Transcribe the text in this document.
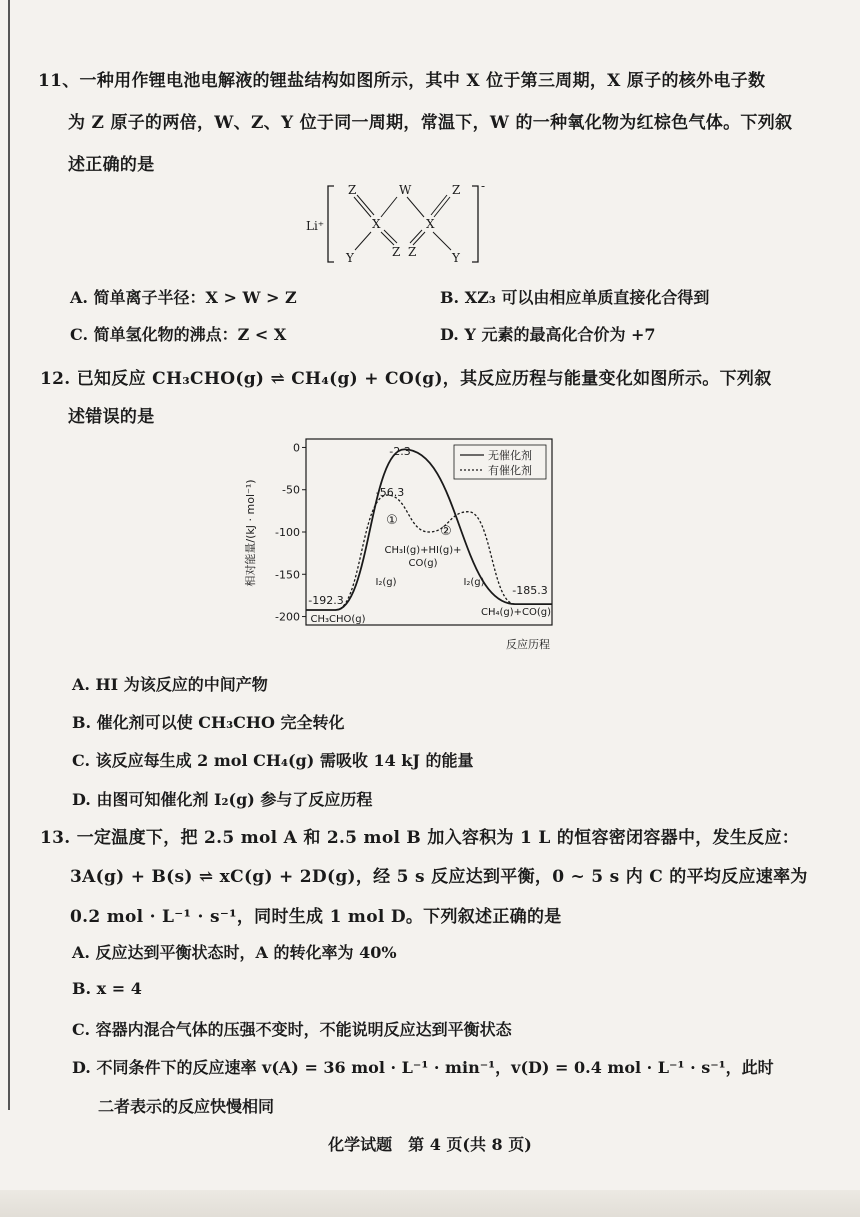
11、一种用作锂电池电解液的锂盐结构如图所示，其中 X 位于第三周期，X 原子的核外电子数
为 Z 原子的两倍，W、Z、Y 位于同一周期，常温下，W 的一种氧化物为红棕色气体。下列叙
述正确的是
Li⁺
-
Z	W	Z
X	X
Y	Z Z	Y
A. 简单离子半径：X > W > Z	B. XZ₃ 可以由相应单质直接化合得到
C. 简单氢化物的沸点：Z < X	D. Y 元素的最高化合价为 +7
12. 已知反应 CH₃CHO(g) ⇌ CH₄(g) + CO(g)，其反应历程与能量变化如图所示。下列叙
述错误的是
相对能量/(kJ · mol⁻¹)
0
-50
-100
-150
-200
无催化剂
有催化剂
-2.3
-56.3
-192.3
-185.3
①
②
CH₃I(g)+HI(g)+
CO(g)
I₂(g)	I₂(g)
CH₃CHO(g)
CH₄(g)+CO(g)
反应历程
A. HI 为该反应的中间产物
B. 催化剂可以使 CH₃CHO 完全转化
C. 该反应每生成 2 mol CH₄(g) 需吸收 14 kJ 的能量
D. 由图可知催化剂 I₂(g) 参与了反应历程
13. 一定温度下，把 2.5 mol A 和 2.5 mol B 加入容积为 1 L 的恒容密闭容器中，发生反应：
3A(g) + B(s) ⇌ xC(g) + 2D(g)，经 5 s 反应达到平衡，0 ~ 5 s 内 C 的平均反应速率为
0.2 mol · L⁻¹ · s⁻¹，同时生成 1 mol D。下列叙述正确的是
A. 反应达到平衡状态时，A 的转化率为 40%
B. x = 4
C. 容器内混合气体的压强不变时，不能说明反应达到平衡状态
D. 不同条件下的反应速率 v(A) = 36 mol · L⁻¹ · min⁻¹，v(D) = 0.4 mol · L⁻¹ · s⁻¹，此时
二者表示的反应快慢相同
化学试题　第 4 页(共 8 页)
